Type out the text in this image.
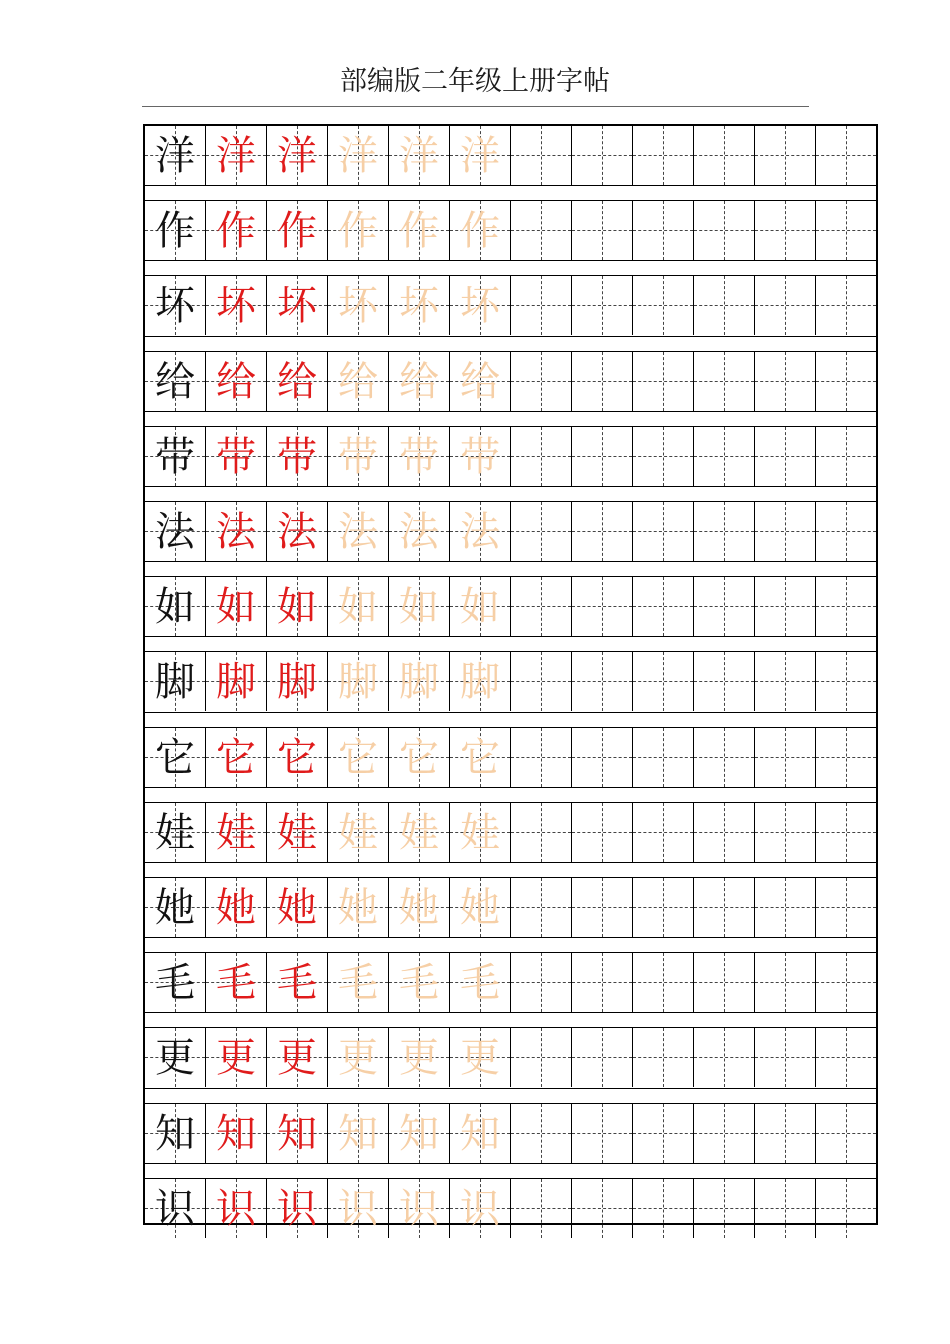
部编版二年级上册字帖
洋 洋 洋 洋 洋 洋
作 作 作 作 作 作
坏 坏 坏 坏 坏 坏
给 给 给 给 给 给
带 带 带 带 带 带
法 法 法 法 法 法
如 如 如 如 如 如
脚 脚 脚 脚 脚 脚
它 它 它 它 它 它
娃 娃 娃 娃 娃 娃
她 她 她 她 她 她
毛 毛 毛 毛 毛 毛
更 更 更 更 更 更
知 知 知 知 知 知
识 识 识 识 识 识
